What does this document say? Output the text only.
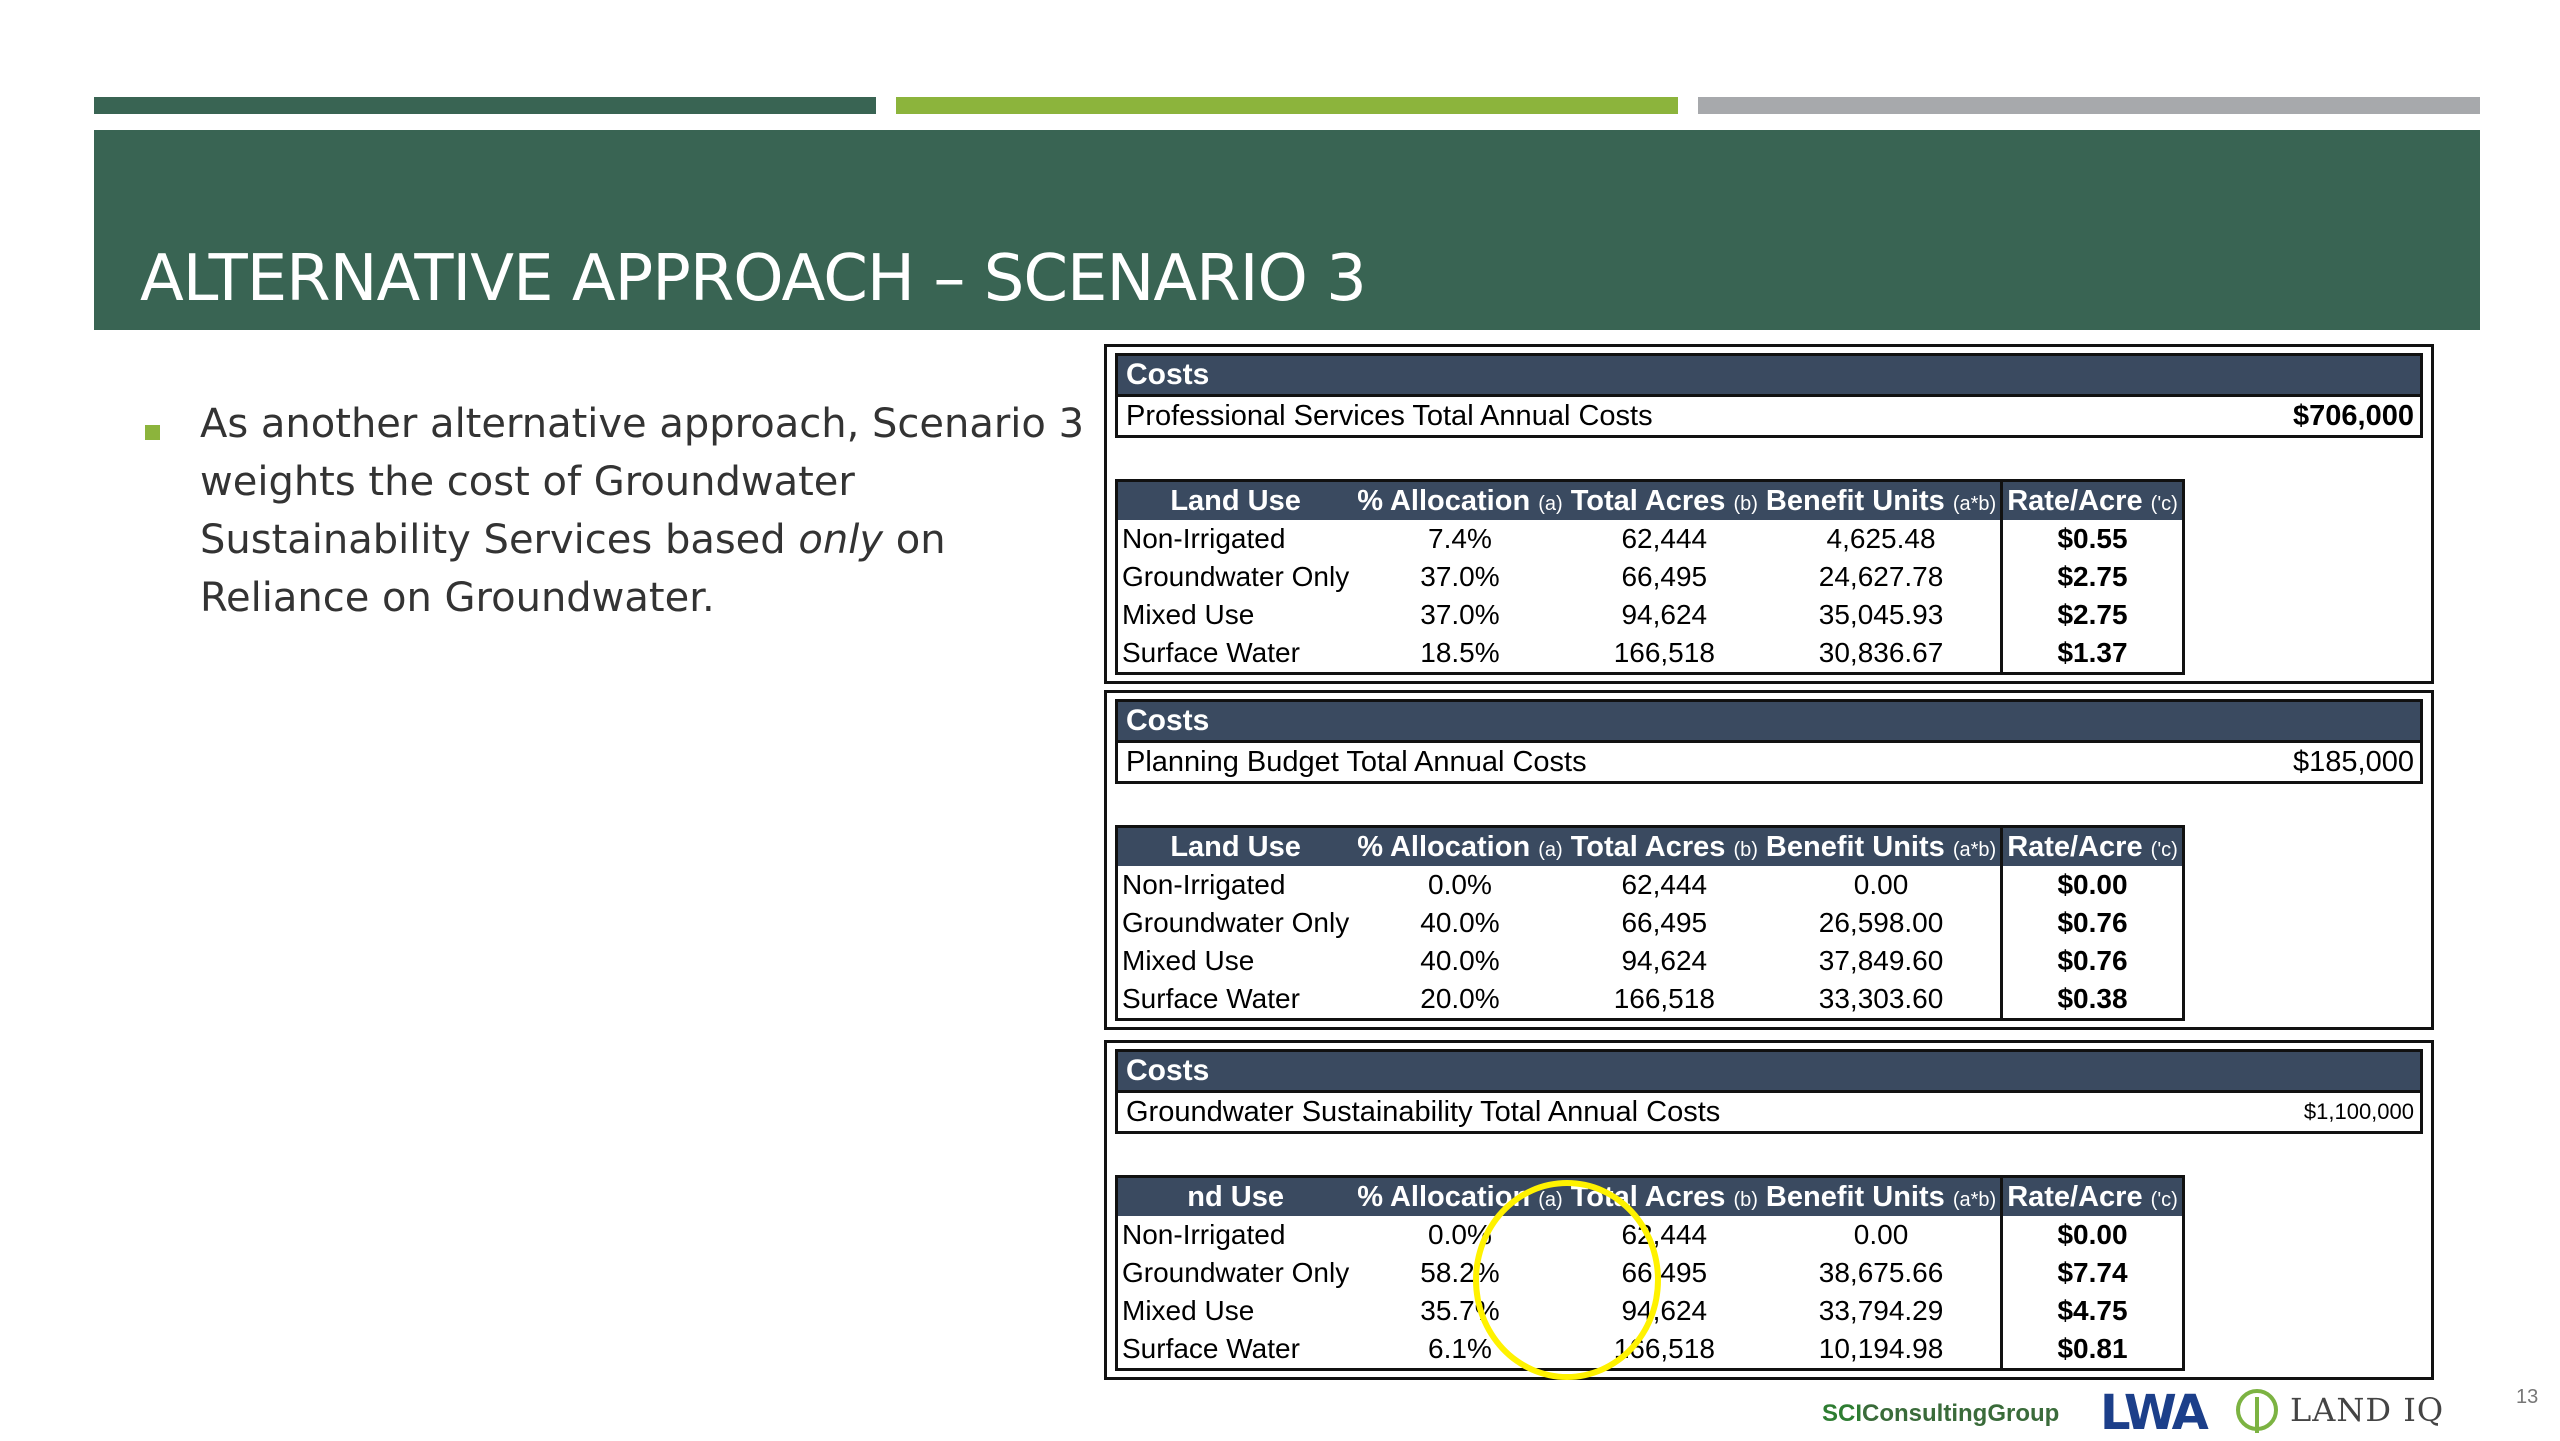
ALTERNATIVE APPROACH – SCENARIO 3

As another alternative approach, Scenario 3 weights the cost of Groundwater Sustainability Services based only on Reliance on Groundwater.

Costs
Professional Services Total Annual Costs	$706,000
Land Use	% Allocation (a)	Total Acres (b)	Benefit Units (a*b)	Rate/Acre ('c)
Non-Irrigated	7.4%	62,444	4,625.48	$0.55
Groundwater Only	37.0%	66,495	24,627.78	$2.75
Mixed Use	37.0%	94,624	35,045.93	$2.75
Surface Water	18.5%	166,518	30,836.67	$1.37
Costs
Planning Budget Total Annual Costs	$185,000
Land Use	% Allocation (a)	Total Acres (b)	Benefit Units (a*b)	Rate/Acre ('c)
Non-Irrigated	0.0%	62,444	0.00	$0.00
Groundwater Only	40.0%	66,495	26,598.00	$0.76
Mixed Use	40.0%	94,624	37,849.60	$0.76
Surface Water	20.0%	166,518	33,303.60	$0.38
Costs
Groundwater Sustainability Total Annual Costs	$1,100,000
nd Use	% Allocation (a)	Total Acres (b)	Benefit Units (a*b)	Rate/Acre ('c)
Non-Irrigated	0.0%	62,444	0.00	$0.00
Groundwater Only	58.2%	66,495	38,675.66	$7.74
Mixed Use	35.7%	94,624	33,794.29	$4.75
Surface Water	6.1%	166,518	10,194.98	$0.81
SCIConsultingGroup LWA	LAND IQ	13
